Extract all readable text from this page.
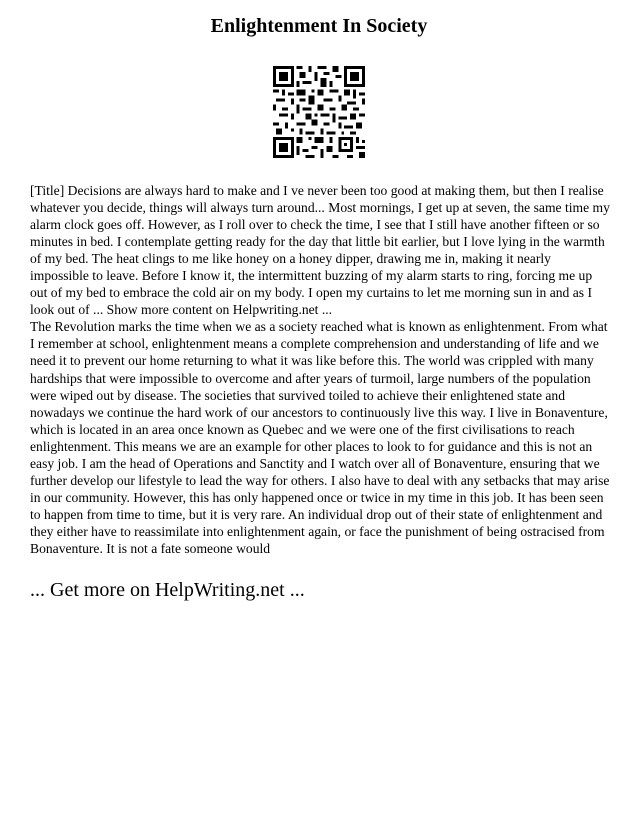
Enlightenment In Society

[Title] Decisions are always hard to make and I ve never been too good at making them, but then I realise whatever you decide, things will always turn around... Most mornings, I get up at seven, the same time my alarm clock goes off. However, as I roll over to check the time, I see that I still have another fifteen or so minutes in bed. I contemplate getting ready for the day that little bit earlier, but I love lying in the warmth of my bed. The heat clings to me like honey on a honey dipper, drawing me in, making it nearly impossible to leave. Before I know it, the intermittent buzzing of my alarm starts to ring, forcing me up out of my bed to embrace the cold air on my body. I open my curtains to let me morning sun in and as I look out of ... Show more content on Helpwriting.net ...

The Revolution marks the time when we as a society reached what is known as enlightenment. From what I remember at school, enlightenment means a complete comprehension and understanding of life and we need it to prevent our home returning to what it was like before this. The world was crippled with many hardships that were impossible to overcome and after years of turmoil, large numbers of the population were wiped out by disease. The societies that survived toiled to achieve their enlightened state and nowadays we continue the hard work of our ancestors to continuously live this way. I live in Bonaventure, which is located in an area once known as Quebec and we were one of the first civilisations to reach enlightenment. This means we are an example for other places to look to for guidance and this is not an easy job. I am the head of Operations and Sanctity and I watch over all of Bonaventure, ensuring that we further develop our lifestyle to lead the way for others. I also have to deal with any setbacks that may arise in our community. However, this has only happened once or twice in my time in this job. It has been seen to happen from time to time, but it is very rare. An individual drop out of their state of enlightenment and they either have to reassimilate into enlightenment again, or face the punishment of being ostracised from Bonaventure. It is not a fate someone would

... Get more on HelpWriting.net ...
